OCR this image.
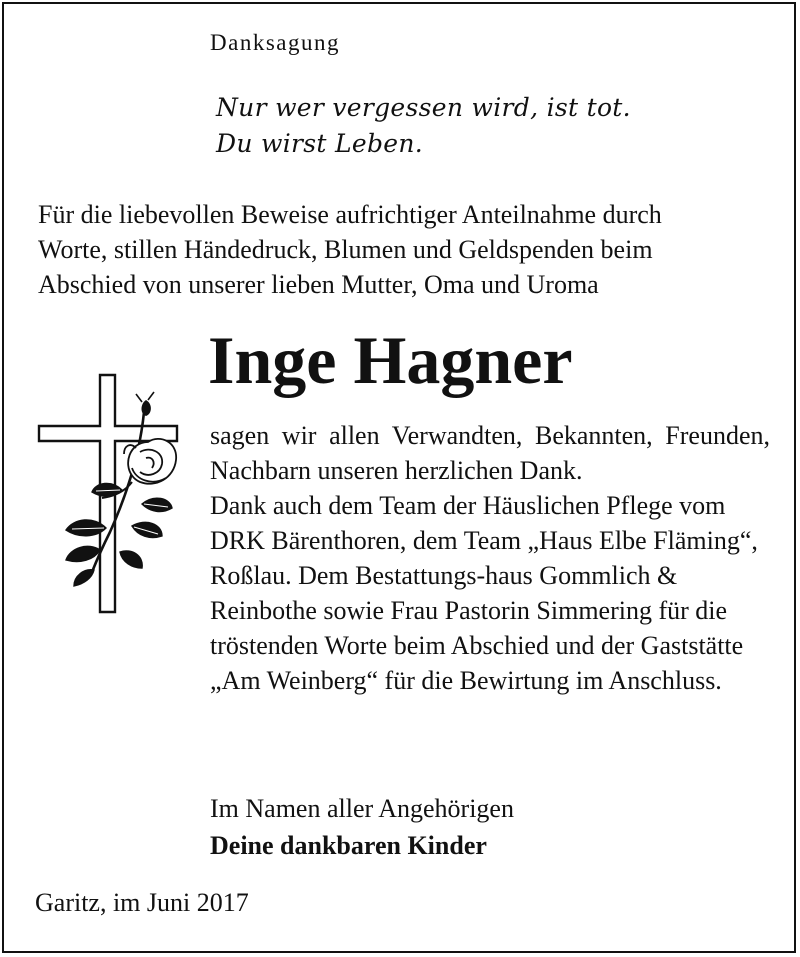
Danksagung
Nur wer vergessen wird, ist tot.
Du wirst Leben.
Für die liebevollen Beweise aufrichtiger Anteilnahme durch
Worte, stillen Händedruck, Blumen und Geldspenden beim
Abschied von unserer lieben Mutter, Oma und Uroma
Inge Hagner

sagen wir allen Verwandten, Bekannten, Freunden, Nachbarn unseren herzlichen Dank.

Dank auch dem Team der Häuslichen Pflege vom DRK Bärenthoren, dem Team „Haus Elbe Fläming“, Roßlau. Dem Bestattungs-haus Gommlich & Reinbothe sowie Frau Pastorin Simmering für die tröstenden Worte beim Abschied und der Gaststätte „Am Weinberg“ für die Bewirtung im Anschluss.

Im Namen aller Angehörigen
Deine dankbaren Kinder
Garitz, im Juni 2017
